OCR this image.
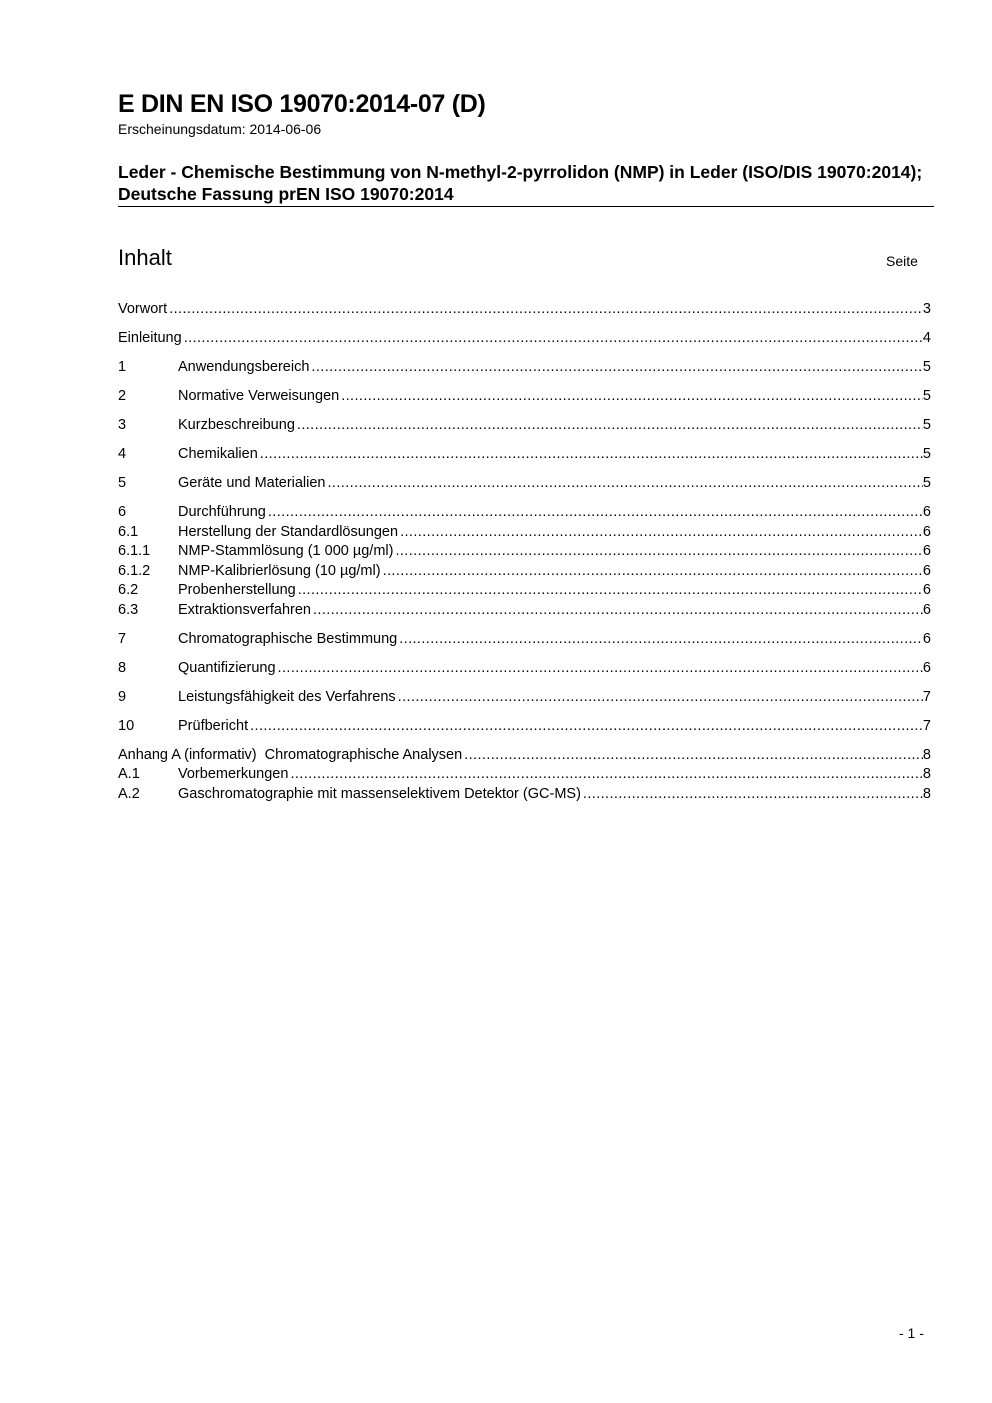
E DIN EN ISO 19070:2014-07 (D)
Erscheinungsdatum: 2014-06-06
Leder - Chemische Bestimmung von N-methyl-2-pyrrolidon (NMP) in Leder (ISO/DIS 19070:2014); Deutsche Fassung prEN ISO 19070:2014
Inhalt	Seite
Vorwort .....	3
Einleitung .....	4
1	Anwendungsbereich .....	5
2	Normative Verweisungen .....	5
3	Kurzbeschreibung .....	5
4	Chemikalien .....	5
5	Geräte und Materialien .....	5
6	Durchführung .....	6
6.1	Herstellung der Standardlösungen .....	6
6.1.1	NMP-Stammlösung (1 000 µg/ml) .....	6
6.1.2	NMP-Kalibrierlösung (10 µg/ml) .....	6
6.2	Probenherstellung .....	6
6.3	Extraktionsverfahren .....	6
7	Chromatographische Bestimmung .....	6
8	Quantifizierung .....	6
9	Leistungsfähigkeit des Verfahrens .....	7
10	Prüfbericht .....	7
Anhang A (informativ)  Chromatographische Analysen .....	8
A.1	Vorbemerkungen .....	8
A.2	Gaschromatographie mit massenselektivem Detektor (GC-MS) .....	8
- 1 -
